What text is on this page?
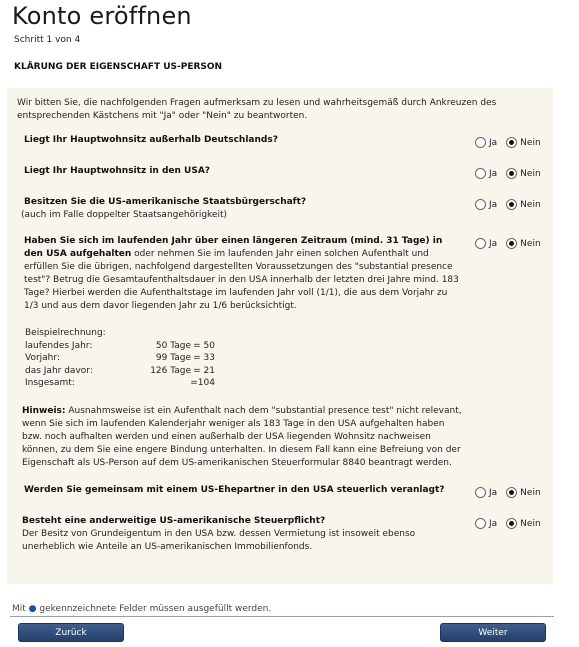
Konto eröffnen
Schritt 1 von 4
KLÄRUNG DER EIGENSCHAFT US-PERSON
Wir bitten Sie, die nachfolgenden Fragen aufmerksam zu lesen und wahrheitsgemäß durch Ankreuzen des entsprechenden Kästchens mit "Ja" oder "Nein" zu beantworten.
Liegt Ihr Hauptwohnsitz außerhalb Deutschlands?	Ja	Nein
Liegt Ihr Hauptwohnsitz in den USA?	Ja	Nein
Besitzen Sie die US-amerikanische Staatsbürgerschaft?
(auch im Falle doppelter Staatsangehörigkeit)
Ja	Nein
Haben Sie sich im laufenden Jahr über einen längeren Zeitraum (mind. 31 Tage) in den USA aufgehalten oder nehmen Sie im laufenden Jahr einen solchen Aufenthalt und erfüllen Sie die übrigen, nachfolgend dargestellten Voraussetzungen des "substantial presence test"? Betrug die Gesamtaufenthaltsdauer in den USA innerhalb der letzten drei Jahre mind. 183 Tage? Hierbei werden die Aufenthaltstage im laufenden Jahr voll (1/1), die aus dem Vorjahr zu 1/3 und aus dem davor liegenden Jahr zu 1/6 berücksichtigt.
Ja	Nein
Beispielrechnung:
laufendes Jahr:	50 Tage = 50
Vorjahr:	99 Tage = 33
das Jahr davor:	126 Tage = 21
Insgesamt:	=104
Hinweis: Ausnahmsweise ist ein Aufenthalt nach dem "substantial presence test" nicht relevant, wenn Sie sich im laufenden Kalenderjahr weniger als 183 Tage in den USA aufgehalten haben bzw. noch aufhalten werden und einen außerhalb der USA liegenden Wohnsitz nachweisen können, zu dem Sie eine engere Bindung unterhalten. In diesem Fall kann eine Befreiung von der Eigenschaft als US-Person auf dem US-amerikanischen Steuerformular 8840 beantragt werden.
Werden Sie gemeinsam mit einem US-Ehepartner in den USA steuerlich veranlagt?	Ja	Nein
Besteht eine anderweitige US-amerikanische Steuerpflicht?
Der Besitz von Grundeigentum in den USA bzw. dessen Vermietung ist insoweit ebenso unerheblich wie Anteile an US-amerikanischen Immobilienfonds.
Ja	Nein
Mit ● gekennzeichnete Felder müssen ausgefüllt werden.
Zurück	Weiter
